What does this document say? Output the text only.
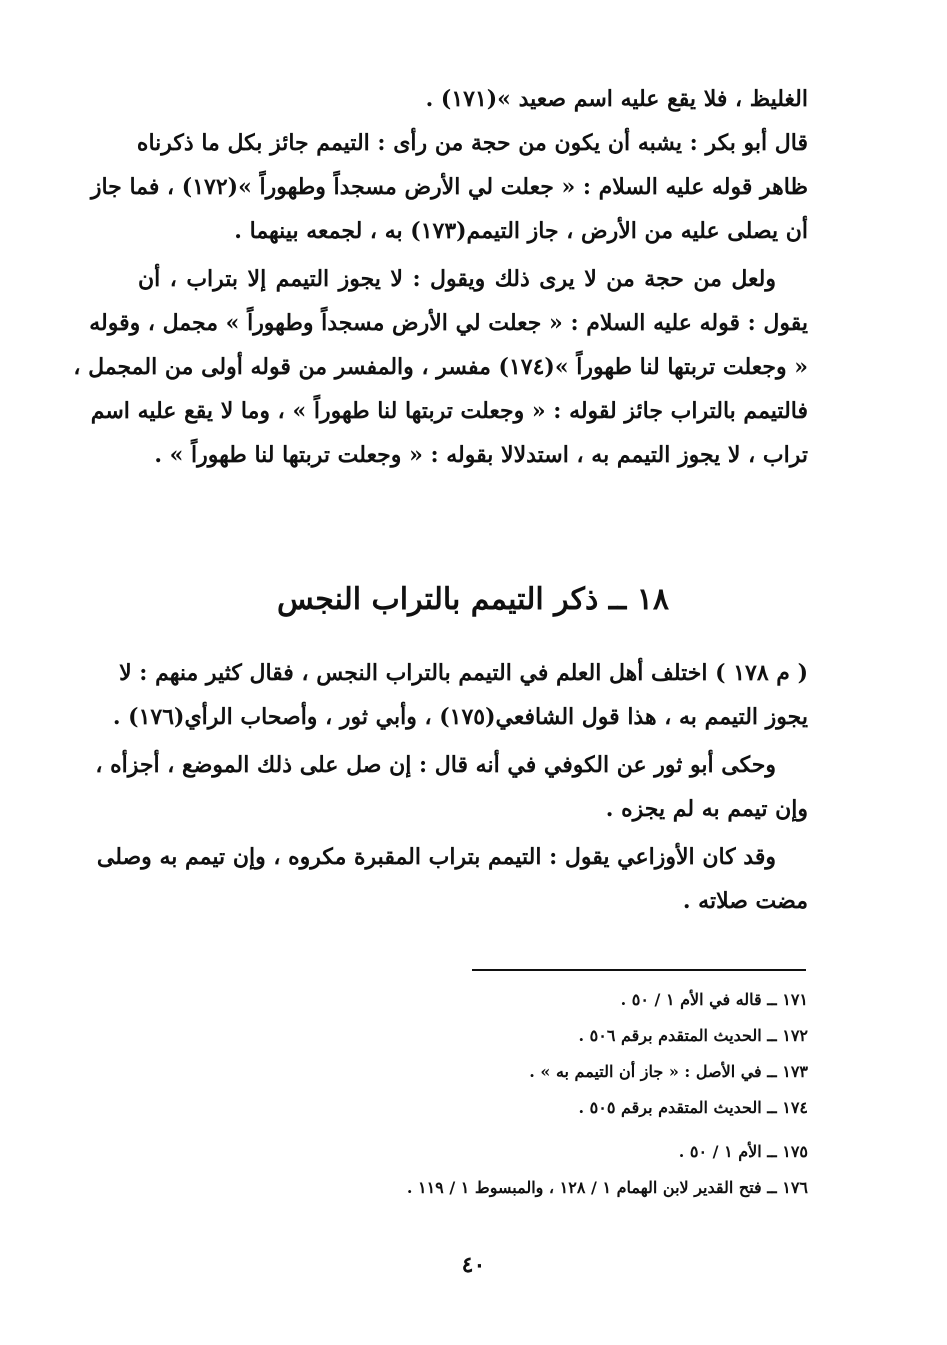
الغليظ ، فلا يقع عليه اسم صعيد »(١٧١) .
قال أبو بكر : يشبه أن يكون من حجة من رأى : التيمم جائز بكل ما ذكرناه
ظاهر قوله عليه السلام : « جعلت لي الأرض مسجداً وطهوراً »(١٧٢) ، فما جاز
أن يصلى عليه من الأرض ، جاز التيمم(١٧٣) به ، لجمعه بينهما .
ولعل من حجة من لا يرى ذلك ويقول : لا يجوز التيمم إلا بتراب ، أن
يقول : قوله عليه السلام : « جعلت لي الأرض مسجداً وطهوراً » مجمل ، وقوله
« وجعلت تربتها لنا طهوراً »(١٧٤) مفسر ، والمفسر من قوله أولى من المجمل ،
فالتيمم بالتراب جائز لقوله : « وجعلت تربتها لنا طهوراً » ، وما لا يقع عليه اسم
تراب ، لا يجوز التيمم به ، استدلالا بقوله : « وجعلت تربتها لنا طهوراً » .
١٨ ــ ذكر التيمم بالتراب النجس
( م ١٧٨ ) اختلف أهل العلم في التيمم بالتراب النجس ، فقال كثير منهم : لا
يجوز التيمم به ، هذا قول الشافعي(١٧٥) ، وأبي ثور ، وأصحاب الرأي(١٧٦) .
وحكى أبو ثور عن الكوفي في أنه قال : إن صل على ذلك الموضع ، أجزأه ،
وإن تيمم به لم يجزه .
وقد كان الأوزاعي يقول : التيمم بتراب المقبرة مكروه ، وإن تيمم به وصلى
مضت صلاته .
١٧١ ــ قاله في الأم ١ / ٥٠ .
١٧٢ ــ الحديث المتقدم برقم ٥٠٦ .
١٧٣ ــ في الأصل : « جاز أن التيمم به » .
١٧٤ ــ الحديث المتقدم برقم ٥٠٥ .
١٧٥ ــ الأم ١ / ٥٠ .
١٧٦ ــ فتح القدير لابن الهمام ١ / ١٢٨ ، والمبسوط ١ / ١١٩ .
٤٠
